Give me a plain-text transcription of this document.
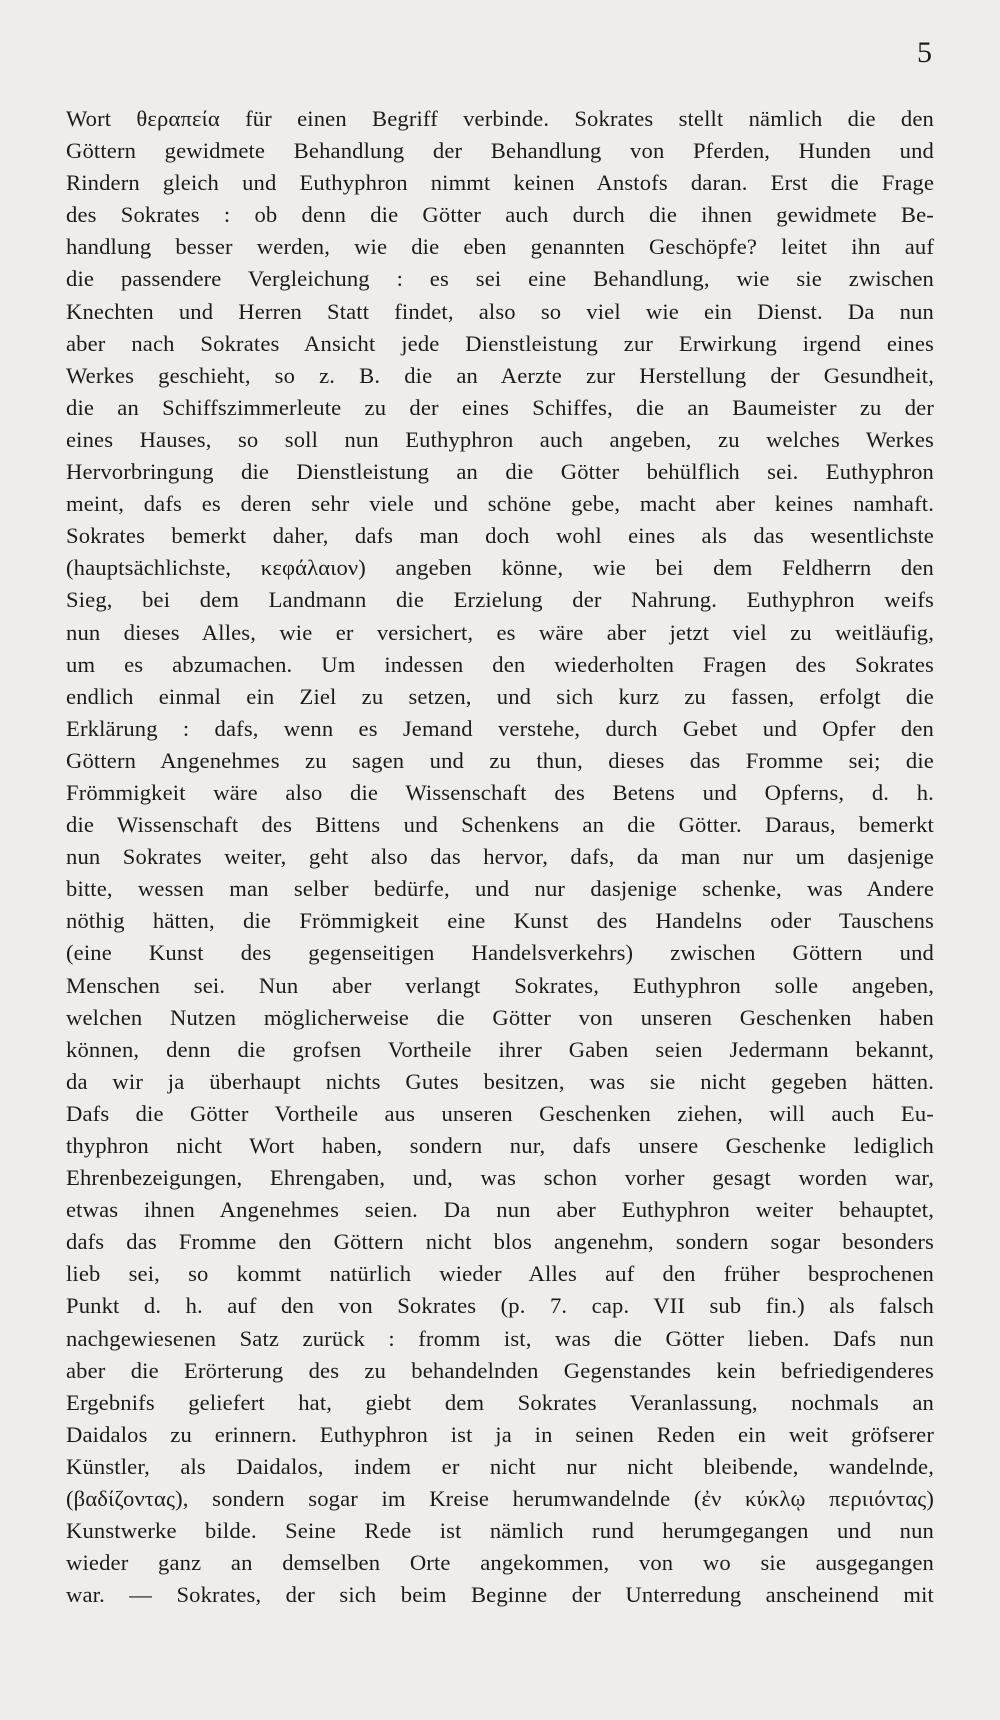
5
Wort θεραπεία für einen Begriff verbinde. Sokrates stellt nämlich die den
Göttern gewidmete Behandlung der Behandlung von Pferden, Hunden und
Rindern gleich und Euthyphron nimmt keinen Anstofs daran. Erst die Frage
des Sokrates : ob denn die Götter auch durch die ihnen gewidmete Be-
handlung besser werden, wie die eben genannten Geschöpfe? leitet ihn auf
die passendere Vergleichung : es sei eine Behandlung, wie sie zwischen
Knechten und Herren Statt findet, also so viel wie ein Dienst. Da nun
aber nach Sokrates Ansicht jede Dienstleistung zur Erwirkung irgend eines
Werkes geschieht, so z. B. die an Aerzte zur Herstellung der Gesundheit,
die an Schiffszimmerleute zu der eines Schiffes, die an Baumeister zu der
eines Hauses, so soll nun Euthyphron auch angeben, zu welches Werkes
Hervorbringung die Dienstleistung an die Götter behülflich sei. Euthyphron
meint, dafs es deren sehr viele und schöne gebe, macht aber keines namhaft.
Sokrates bemerkt daher, dafs man doch wohl eines als das wesentlichste
(hauptsächlichste, κεφάλαιον) angeben könne, wie bei dem Feldherrn den
Sieg, bei dem Landmann die Erzielung der Nahrung. Euthyphron weifs
nun dieses Alles, wie er versichert, es wäre aber jetzt viel zu weitläufig,
um es abzumachen. Um indessen den wiederholten Fragen des Sokrates
endlich einmal ein Ziel zu setzen, und sich kurz zu fassen, erfolgt die
Erklärung : dafs, wenn es Jemand verstehe, durch Gebet und Opfer den
Göttern Angenehmes zu sagen und zu thun, dieses das Fromme sei; die
Frömmigkeit wäre also die Wissenschaft des Betens und Opferns, d. h.
die Wissenschaft des Bittens und Schenkens an die Götter. Daraus, bemerkt
nun Sokrates weiter, geht also das hervor, dafs, da man nur um dasjenige
bitte, wessen man selber bedürfe, und nur dasjenige schenke, was Andere
nöthig hätten, die Frömmigkeit eine Kunst des Handelns oder Tauschens
(eine Kunst des gegenseitigen Handelsverkehrs) zwischen Göttern und
Menschen sei. Nun aber verlangt Sokrates, Euthyphron solle angeben,
welchen Nutzen möglicherweise die Götter von unseren Geschenken haben
können, denn die grofsen Vortheile ihrer Gaben seien Jedermann bekannt,
da wir ja überhaupt nichts Gutes besitzen, was sie nicht gegeben hätten.
Dafs die Götter Vortheile aus unseren Geschenken ziehen, will auch Eu-
thyphron nicht Wort haben, sondern nur, dafs unsere Geschenke lediglich
Ehrenbezeigungen, Ehrengaben, und, was schon vorher gesagt worden war,
etwas ihnen Angenehmes seien. Da nun aber Euthyphron weiter behauptet,
dafs das Fromme den Göttern nicht blos angenehm, sondern sogar besonders
lieb sei, so kommt natürlich wieder Alles auf den früher besprochenen
Punkt d. h. auf den von Sokrates (p. 7. cap. VII sub fin.) als falsch
nachgewiesenen Satz zurück : fromm ist, was die Götter lieben. Dafs nun
aber die Erörterung des zu behandelnden Gegenstandes kein befriedigenderes
Ergebnifs geliefert hat, giebt dem Sokrates Veranlassung, nochmals an
Daidalos zu erinnern. Euthyphron ist ja in seinen Reden ein weit gröfserer
Künstler, als Daidalos, indem er nicht nur nicht bleibende, wandelnde,
(βαδίζοντας), sondern sogar im Kreise herumwandelnde (ἐν κύκλῳ περιιόντας)
Kunstwerke bilde. Seine Rede ist nämlich rund herumgegangen und nun
wieder ganz an demselben Orte angekommen, von wo sie ausgegangen
war. — Sokrates, der sich beim Beginne der Unterredung anscheinend mit
